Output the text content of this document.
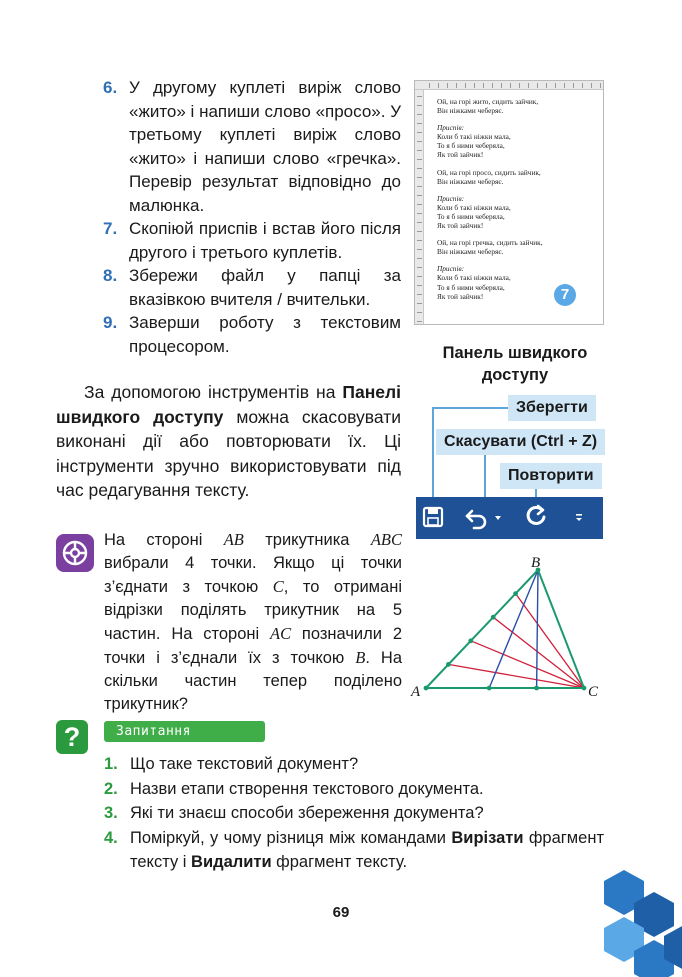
6. У другому куплеті виріж слово «жито» і напиши слово «просо». У третьому куплеті виріж слово «жито» і напиши слово «гречка». Перевір результат відповідно до малюнка.
7. Скопіюй приспів і встав його після другого і третього куплетів.
8. Збережи файл у папці за вказівкою вчителя / вчительки.
9. Заверши роботу з текстовим процесором.

За допомогою інструментів на Панелі швидкого доступу можна скасовувати виконані дії або повторювати їх. Ці інструменти зручно використовувати під час редагування тексту.

Ой, на горі жито, сидить зайчик,
Він ніжками чеберяє.
Приспів:
Коли б такі ніжки мала,
То я б ними чеберяла,
Як той зайчик!
Ой, на горі просо, сидить зайчик,
Він ніжками чеберяє.
Приспів:
Коли б такі ніжки мала,
То я б ними чеберяла,
Як той зайчик!
Ой, на горі гречка, сидить зайчик,
Він ніжками чеберяє.
Приспів:
Коли б такі ніжки мала,
То я б ними чеберяла,
Як той зайчик!	7
Панель швидкого доступу
Зберегти
Скасувати (Ctrl + Z)
Повторити
На стороні AB трикутника ABC вибрали 4 точки. Якщо ці точки з’єднати з точкою C, то отримані відрізки поділять трикутник на 5 частин. На стороні AC позначили 2 точки і з’єднали їх з точкою B. На скільки частин тепер поділено трикутник?
A
B
C
?	Запитання
1. Що таке текстовий документ?
2. Назви етапи створення текстового документа.
3. Які ти знаєш способи збереження документа?
4. Поміркуй, у чому різниця між командами Вирізати фрагмент тексту і Видалити фрагмент тексту.
69
